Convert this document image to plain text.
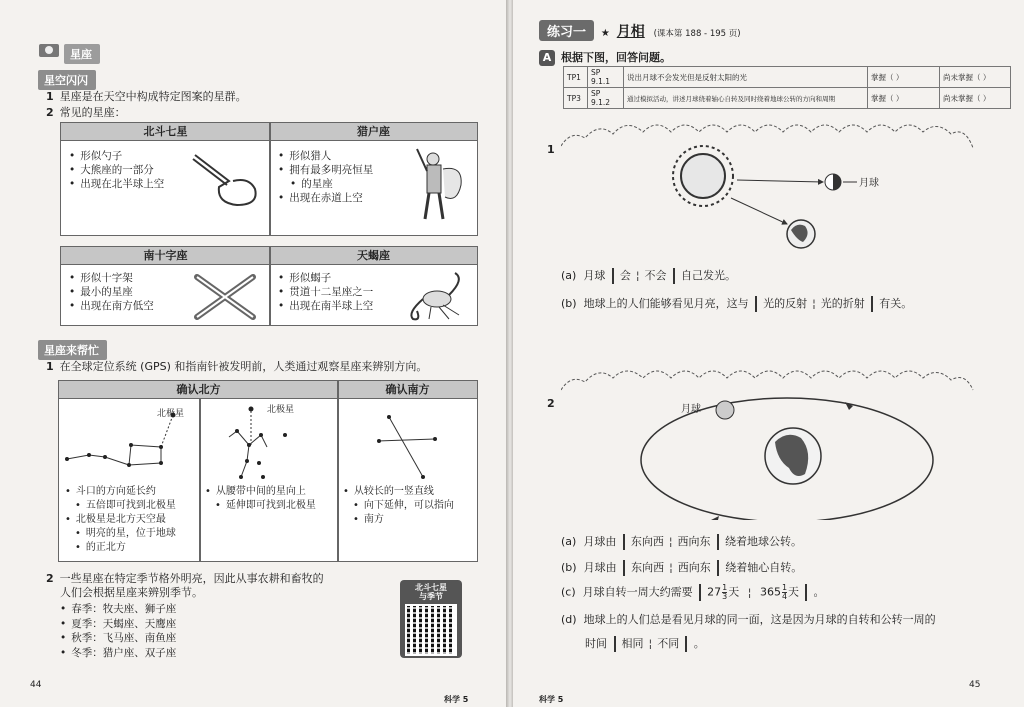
星座
星空闪闪
1 星座是在天空中构成特定图案的星群。
2 常见的星座：
北斗七星	猎户座
• 形似勺子
• 大熊座的一部分
• 出现在北半球上空
• 形似猎人
• 拥有最多明亮恒星
• 的星座
• 出现在赤道上空
南十字座	天蝎座
• 形似十字架
• 最小的星座
• 出现在南方低空
• 形似蝎子
• 贯道十二星座之一
• 出现在南半球上空
星座来帮忙
1 在全球定位系统 (GPS) 和指南针被发明前，人类通过观察星座来辨别方向。
确认北方	确认南方
北极星	北极星
• 斗口的方向延长约
• 五倍即可找到北极星
• 北极星是北方天空最
• 明亮的星，位于地球
• 的正北方
• 从腰带中间的星向上
• 延伸即可找到北极星
• 从较长的一竖直线
• 向下延伸，可以指向
• 南方
2 一些星座在特定季节格外明亮，因此从事农耕和畜牧的
人们会根据星座来辨别季节。
• 春季：牧夫座、狮子座
• 夏季：天蝎座、天鹰座
• 秋季：飞马座、南鱼座
• 冬季：猎户座、双子座
北斗七星
与季节
44
科学 5
练习一 ★ 月相 (课本第 188 - 195 页)
A 根据下图，回答问题。
TP1	SP 9.1.1	说出月球不会发光但是反射太阳的光	掌握（ ）	尚未掌握（ ）
TP3	SP 9.1.2	通过模拟活动，讲述月球绕着轴心自转及同时绕着地球公转的方向和周期	掌握（ ）	尚未掌握（ ）
1
月球
(a) 月球 会 ¦ 不会 自己发光。
(b) 地球上的人们能够看见月亮，这与 光的反射 ¦ 光的折射 有关。
2	月球
(a) 月球由 东向西 ¦ 西向东 绕着地球公转。
(b) 月球由 东向西 ¦ 西向东 绕着轴心自转。
(c) 月球自转一周大约需要 $27 \frac{1}{3}$ 天 ¦ $365 \frac{1}{4}$ 天 。
(d) 地球上的人们总是看见月球的同一面，这是因为月球的自转和公转一周的
时间 相同 ¦ 不同 。
科学 5
45
